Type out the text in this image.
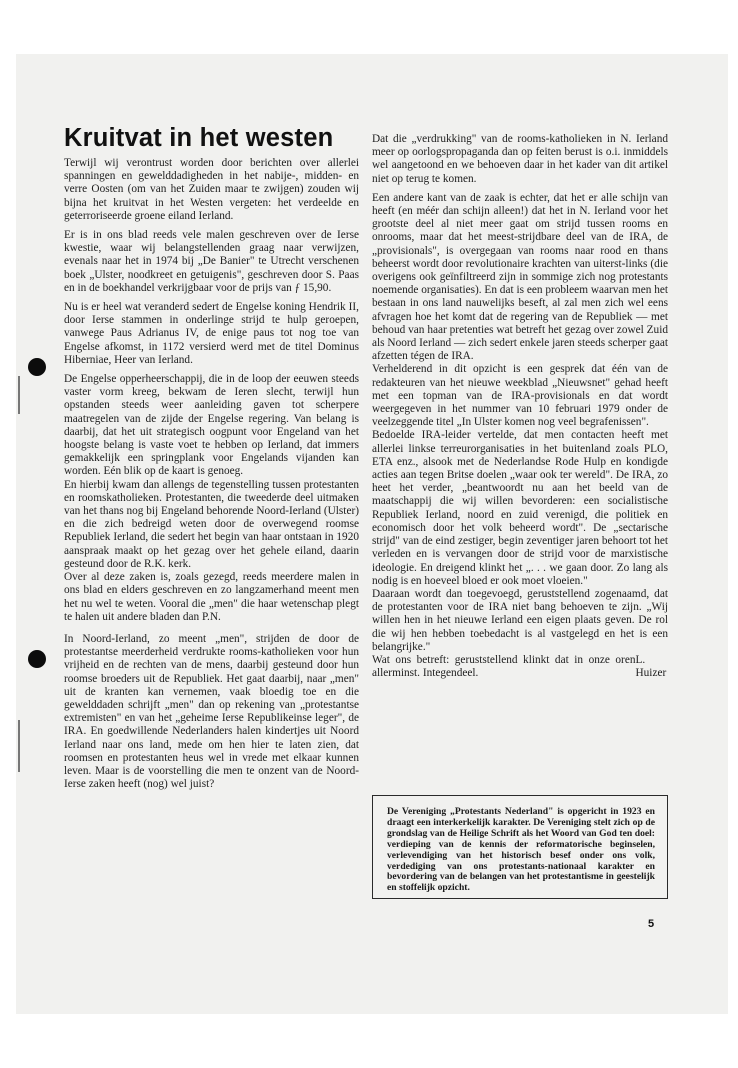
Kruitvat in het westen

Terwijl wij verontrust worden door berichten over allerlei spanningen en gewelddadigheden in het nabije-, midden- en verre Oosten (om van het Zuiden maar te zwijgen) zouden wij bijna het kruitvat in het Westen vergeten: het verdeelde en geterroriseerde groene eiland Ierland.

Er is in ons blad reeds vele malen geschreven over de Ierse kwestie, waar wij belangstellenden graag naar verwijzen, evenals naar het in 1974 bij „De Banier" te Utrecht verschenen boek „Ulster, noodkreet en getuigenis", geschreven door S. Paas en in de boekhandel verkrijgbaar voor de prijs van ƒ 15,90.

Nu is er heel wat veranderd sedert de Engelse koning Hendrik II, door Ierse stammen in onderlinge strijd te hulp geroepen, vanwege Paus Adrianus IV, de enige paus tot nog toe van Engelse afkomst, in 1172 versierd werd met de titel Dominus Hiberniae, Heer van Ierland.

De Engelse opperheerschappij, die in de loop der eeuwen steeds vaster vorm kreeg, bekwam de Ieren slecht, terwijl hun opstanden steeds weer aanleiding gaven tot scherpere maatregelen van de zijde der Engelse regering. Van belang is daarbij, dat het uit strategisch oogpunt voor Engeland van het hoogste belang is vaste voet te hebben op Ierland, dat immers gemakkelijk een springplank voor Engelands vijanden kan worden. Eén blik op de kaart is genoeg.

En hierbij kwam dan allengs de tegenstelling tussen protestanten en roomskatholieken. Protestanten, die tweederde deel uitmaken van het thans nog bij Engeland behorende Noord-Ierland (Ulster) en die zich bedreigd weten door de overwegend roomse Republiek Ierland, die sedert het begin van haar ontstaan in 1920 aanspraak maakt op het gezag over het gehele eiland, daarin gesteund door de R.K. kerk.

Over al deze zaken is, zoals gezegd, reeds meerdere malen in ons blad en elders geschreven en zo langzamerhand meent men het nu wel te weten. Vooral die „men" die haar wetenschap plegt te halen uit andere bladen dan P.N.

In Noord-Ierland, zo meent „men", strijden de door de protestantse meerderheid verdrukte rooms-katholieken voor hun vrijheid en de rechten van de mens, daarbij gesteund door hun roomse broeders uit de Republiek. Het gaat daarbij, naar „men" uit de kranten kan vernemen, vaak bloedig toe en die gewelddaden schrijft „men" dan op rekening van „protestantse extremisten" en van het „geheime Ierse Republikeinse leger", de IRA. En goedwillende Nederlanders halen kindertjes uit Noord Ierland naar ons land, mede om hen hier te laten zien, dat roomsen en protestanten heus wel in vrede met elkaar kunnen leven. Maar is de voorstelling die men te onzent van de Noord-Ierse zaken heeft (nog) wel juist?

Dat die „verdrukking" van de rooms-katholieken in N. Ierland meer op oorlogspropaganda dan op feiten berust is o.i. inmiddels wel aangetoond en we behoeven daar in het kader van dit artikel niet op terug te komen.

Een andere kant van de zaak is echter, dat het er alle schijn van heeft (en méér dan schijn alleen!) dat het in N. Ierland voor het grootste deel al niet meer gaat om strijd tussen rooms en onrooms, maar dat het meest-strijdbare deel van de IRA, de „provisionals", is overgegaan van rooms naar rood en thans beheerst wordt door revolutionaire krachten van uiterst-links (die overigens ook geïnfiltreerd zijn in sommige zich nog protestants noemende organisaties). En dat is een probleem waarvan men het bestaan in ons land nauwelijks beseft, al zal men zich wel eens afvragen hoe het komt dat de regering van de Republiek — met behoud van haar pretenties wat betreft het gezag over zowel Zuid als Noord Ierland — zich sedert enkele jaren steeds scherper gaat afzetten tégen de IRA.

Verhelderend in dit opzicht is een gesprek dat één van de redakteuren van het nieuwe weekblad „Nieuwsnet" gehad heeft met een topman van de IRA-provisionals en dat wordt weergegeven in het nummer van 10 februari 1979 onder de veelzeggende titel „In Ulster komen nog veel begrafenissen".

Bedoelde IRA-leider vertelde, dat men contacten heeft met allerlei linkse terreurorganisaties in het buitenland zoals PLO, ETA enz., alsook met de Nederlandse Rode Hulp en kondigde acties aan tegen Britse doelen „waar ook ter wereld". De IRA, zo heet het verder, „beantwoordt nu aan het beeld van de maatschappij die wij willen bevorderen: een socialistische Republiek Ierland, noord en zuid verenigd, die politiek en economisch door het volk beheerd wordt". De „sectarische strijd" van de eind zestiger, begin zeventiger jaren behoort tot het verleden en is vervangen door de strijd voor de marxistische ideologie. En dreigend klinkt het „. . . we gaan door. Zo lang als nodig is en hoeveel bloed er ook moet vloeien."

Daaraan wordt dan toegevoegd, geruststellend zogenaamd, dat de protestanten voor de IRA niet bang behoeven te zijn. „Wij willen hen in het nieuwe Ierland een eigen plaats geven. De rol die wij hen hebben toebedacht is al vastgelegd en het is een belangrijke."

Wat ons betreft: geruststellend klinkt dat in onze oren allerminst. Integendeel.
L. Huizer

De Vereniging „Protestants Nederland" is opgericht in 1923 en draagt een interkerkelijk karakter. De Vereniging stelt zich op de grondslag van de Heilige Schrift als het Woord van God ten doel: verdieping van de kennis der reformatorische beginselen, verlevendiging van het historisch besef onder ons volk, verdediging van ons protestants-nationaal karakter en bevordering van de belangen van het protestantisme in geestelijk en stoffelijk opzicht.

5
